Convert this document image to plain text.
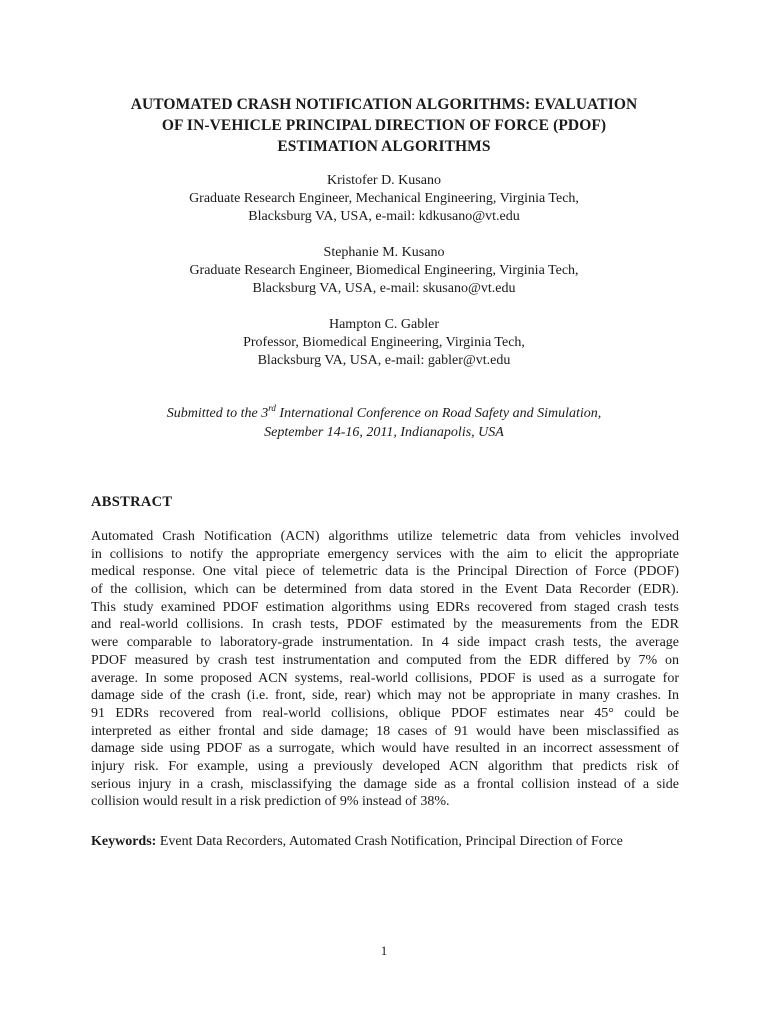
AUTOMATED CRASH NOTIFICATION ALGORITHMS: EVALUATION
OF IN-VEHICLE PRINCIPAL DIRECTION OF FORCE (PDOF)
ESTIMATION ALGORITHMS
Kristofer D. Kusano
Graduate Research Engineer, Mechanical Engineering, Virginia Tech,
Blacksburg VA, USA, e-mail: kdkusano@vt.edu
Stephanie M. Kusano
Graduate Research Engineer, Biomedical Engineering, Virginia Tech,
Blacksburg VA, USA, e-mail: skusano@vt.edu
Hampton C. Gabler
Professor, Biomedical Engineering, Virginia Tech,
Blacksburg VA, USA, e-mail: gabler@vt.edu
Submitted to the 3rd International Conference on Road Safety and Simulation,
September 14-16, 2011, Indianapolis, USA
ABSTRACT
Automated Crash Notification (ACN) algorithms utilize telemetric data from vehicles involved
in collisions to notify the appropriate emergency services with the aim to elicit the appropriate
medical response. One vital piece of telemetric data is the Principal Direction of Force (PDOF)
of the collision, which can be determined from data stored in the Event Data Recorder (EDR).
This study examined PDOF estimation algorithms using EDRs recovered from staged crash tests
and real-world collisions. In crash tests, PDOF estimated by the measurements from the EDR
were comparable to laboratory-grade instrumentation. In 4 side impact crash tests, the average
PDOF measured by crash test instrumentation and computed from the EDR differed by 7% on
average. In some proposed ACN systems, real-world collisions, PDOF is used as a surrogate for
damage side of the crash (i.e. front, side, rear) which may not be appropriate in many crashes. In
91 EDRs recovered from real-world collisions, oblique PDOF estimates near 45° could be
interpreted as either frontal and side damage; 18 cases of 91 would have been misclassified as
damage side using PDOF as a surrogate, which would have resulted in an incorrect assessment of
injury risk. For example, using a previously developed ACN algorithm that predicts risk of
serious injury in a crash, misclassifying the damage side as a frontal collision instead of a side
collision would result in a risk prediction of 9% instead of 38%.
Keywords: Event Data Recorders, Automated Crash Notification, Principal Direction of Force
1
